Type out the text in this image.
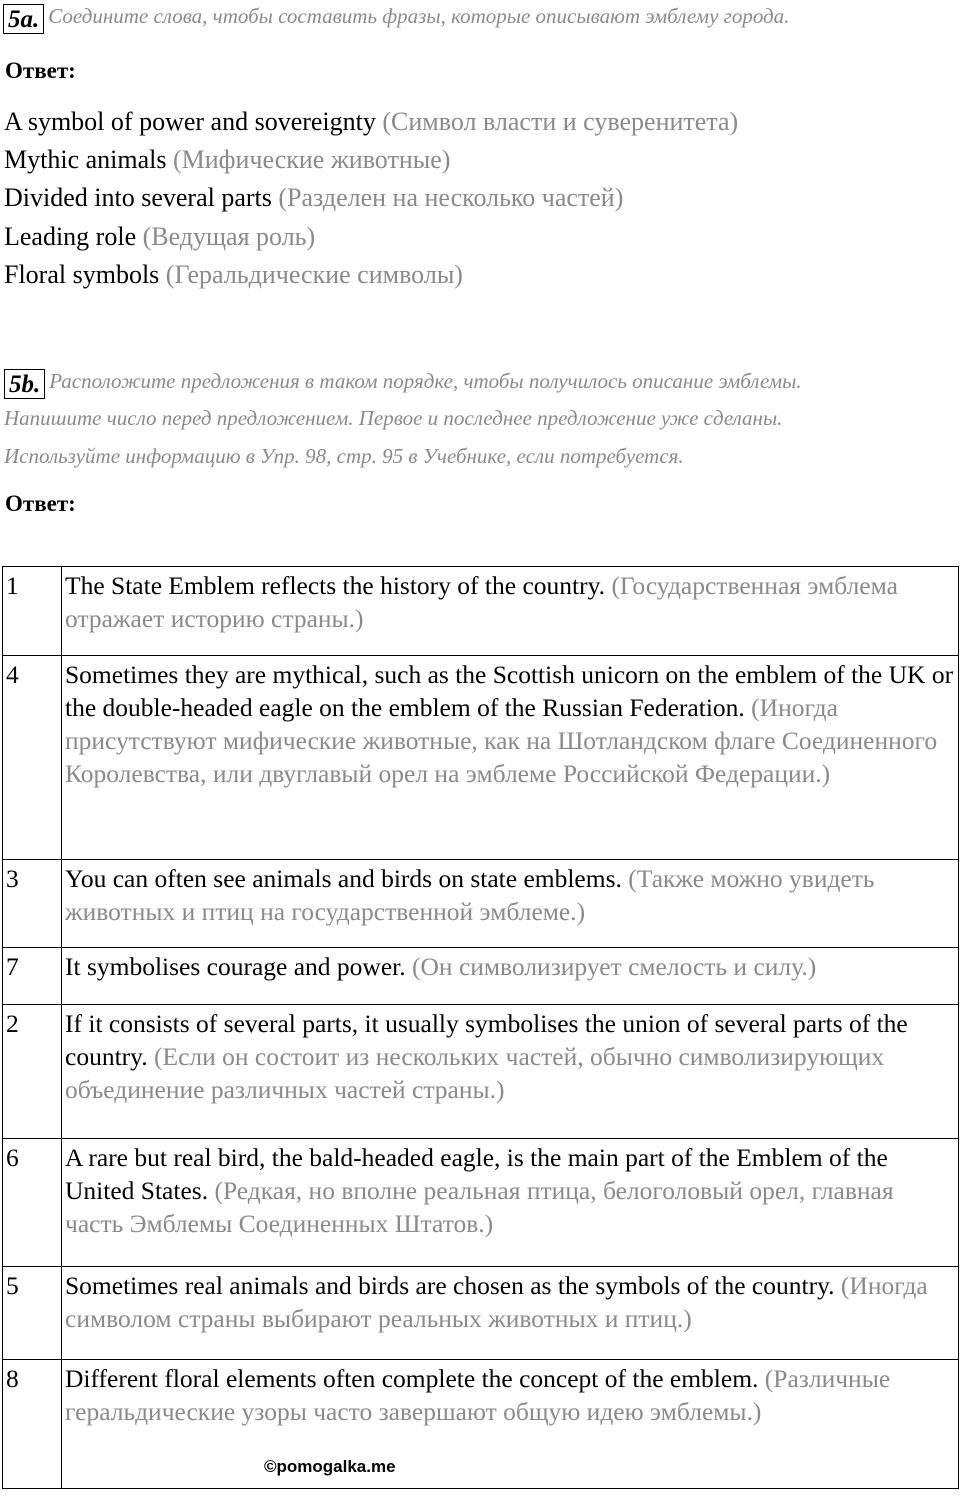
5a. Соедините слова, чтобы составить фразы, которые описывают эмблему города.
Ответ:
A symbol of power and sovereignty (Символ власти и суверенитета)
Mythic animals (Мифические животные)
Divided into several parts (Разделен на несколько частей)
Leading role (Ведущая роль)
Floral symbols (Геральдические символы)
5b. Расположите предложения в таком порядке, чтобы получилось описание эмблемы.
Напишите число перед предложением. Первое и последнее предложение уже сделаны.
Используйте информацию в Упр. 98, стр. 95 в Учебнике, если потребуется.
Ответ:
1	The State Emblem reflects the history of the country. (Государственная эмблема отражает историю страны.)
4	Sometimes they are mythical, such as the Scottish unicorn on the emblem of the UK or the double-headed eagle on the emblem of the Russian Federation. (Иногда присутствуют мифические животные, как на Шотландском флаге Соединенного Королевства, или двуглавый орел на эмблеме Российской Федерации.)
3	You can often see animals and birds on state emblems. (Также можно увидеть животных и птиц на государственной эмблеме.)
7	It symbolises courage and power. (Он символизирует смелость и силу.)
2	If it consists of several parts, it usually symbolises the union of several parts of the country. (Если он состоит из нескольких частей, обычно символизирующих объединение различных частей страны.)
6	A rare but real bird, the bald-headed eagle, is the main part of the Emblem of the United States. (Редкая, но вполне реальная птица, белоголовый орел, главная часть Эмблемы Соединенных Штатов.)
5	Sometimes real animals and birds are chosen as the symbols of the country. (Иногда символом страны выбирают реальных животных и птиц.)
8	Different floral elements often complete the concept of the emblem. (Различные геральдические узоры часто завершают общую идею эмблемы.)
©pomogalka.me
